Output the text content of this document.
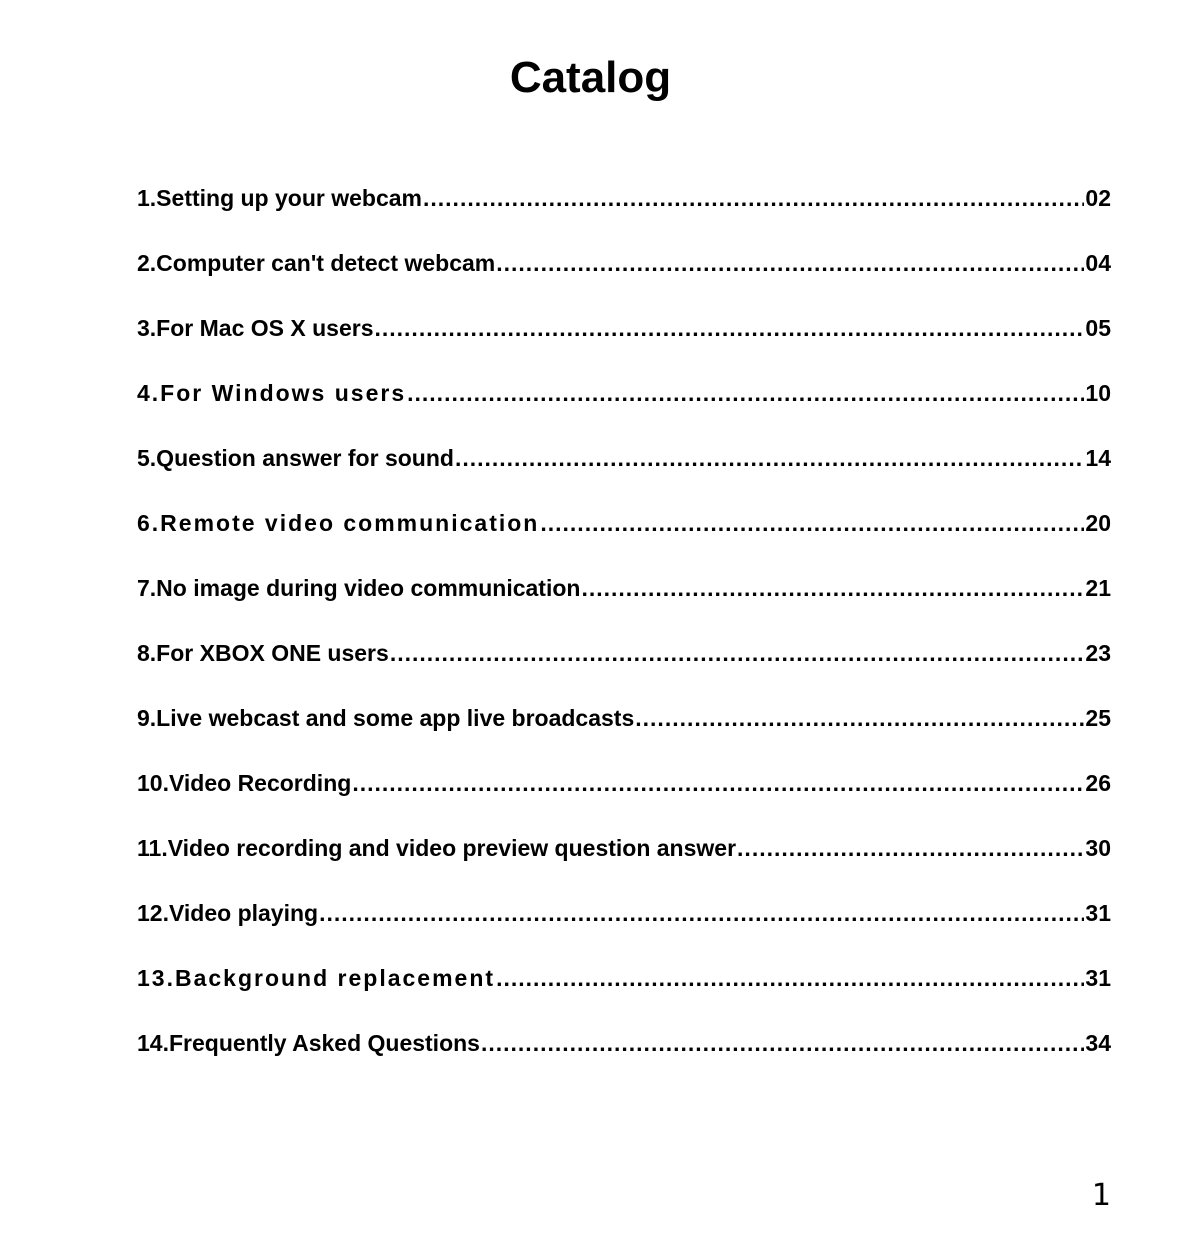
Catalog
1.Setting up your webcam .....	02
2.Computer can't detect webcam .....	04
3.For Mac OS X users .....	05
4.For Windows users .....	10
5.Question answer for sound .....	14
6.Remote video communication .....	20
7.No image during video communication .....	21
8.For XBOX ONE users .....	23
9.Live webcast and some app live broadcasts .....	25
10.Video Recording .....	26
11.Video recording and video preview question answer .....	30
12.Video playing .....	31
13.Background replacement .....	31
14.Frequently Asked Questions .....	34
1
